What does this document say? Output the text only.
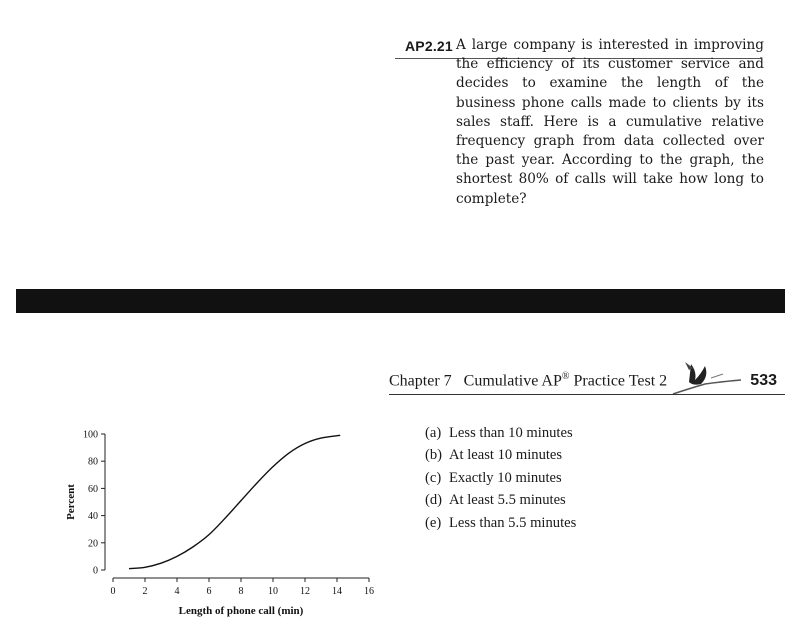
AP2.21 A large company is interested in improving the efficiency of its customer service and decides to examine the length of the business phone calls made to clients by its sales staff. Here is a cumulative relative frequency graph from data collected over the past year. According to the graph, the shortest 80% of calls will take how long to complete?
Chapter 7 Cumulative AP® Practice Test 2	533
(a) Less than 10 minutes
(b) At least 10 minutes
(c) Exactly 10 minutes
(d) At least 5.5 minutes
(e) Less than 5.5 minutes
0
20
40
60
80
100
0	2	4	6	8 10 12 14 16
Length of phone call (min)
Percent
